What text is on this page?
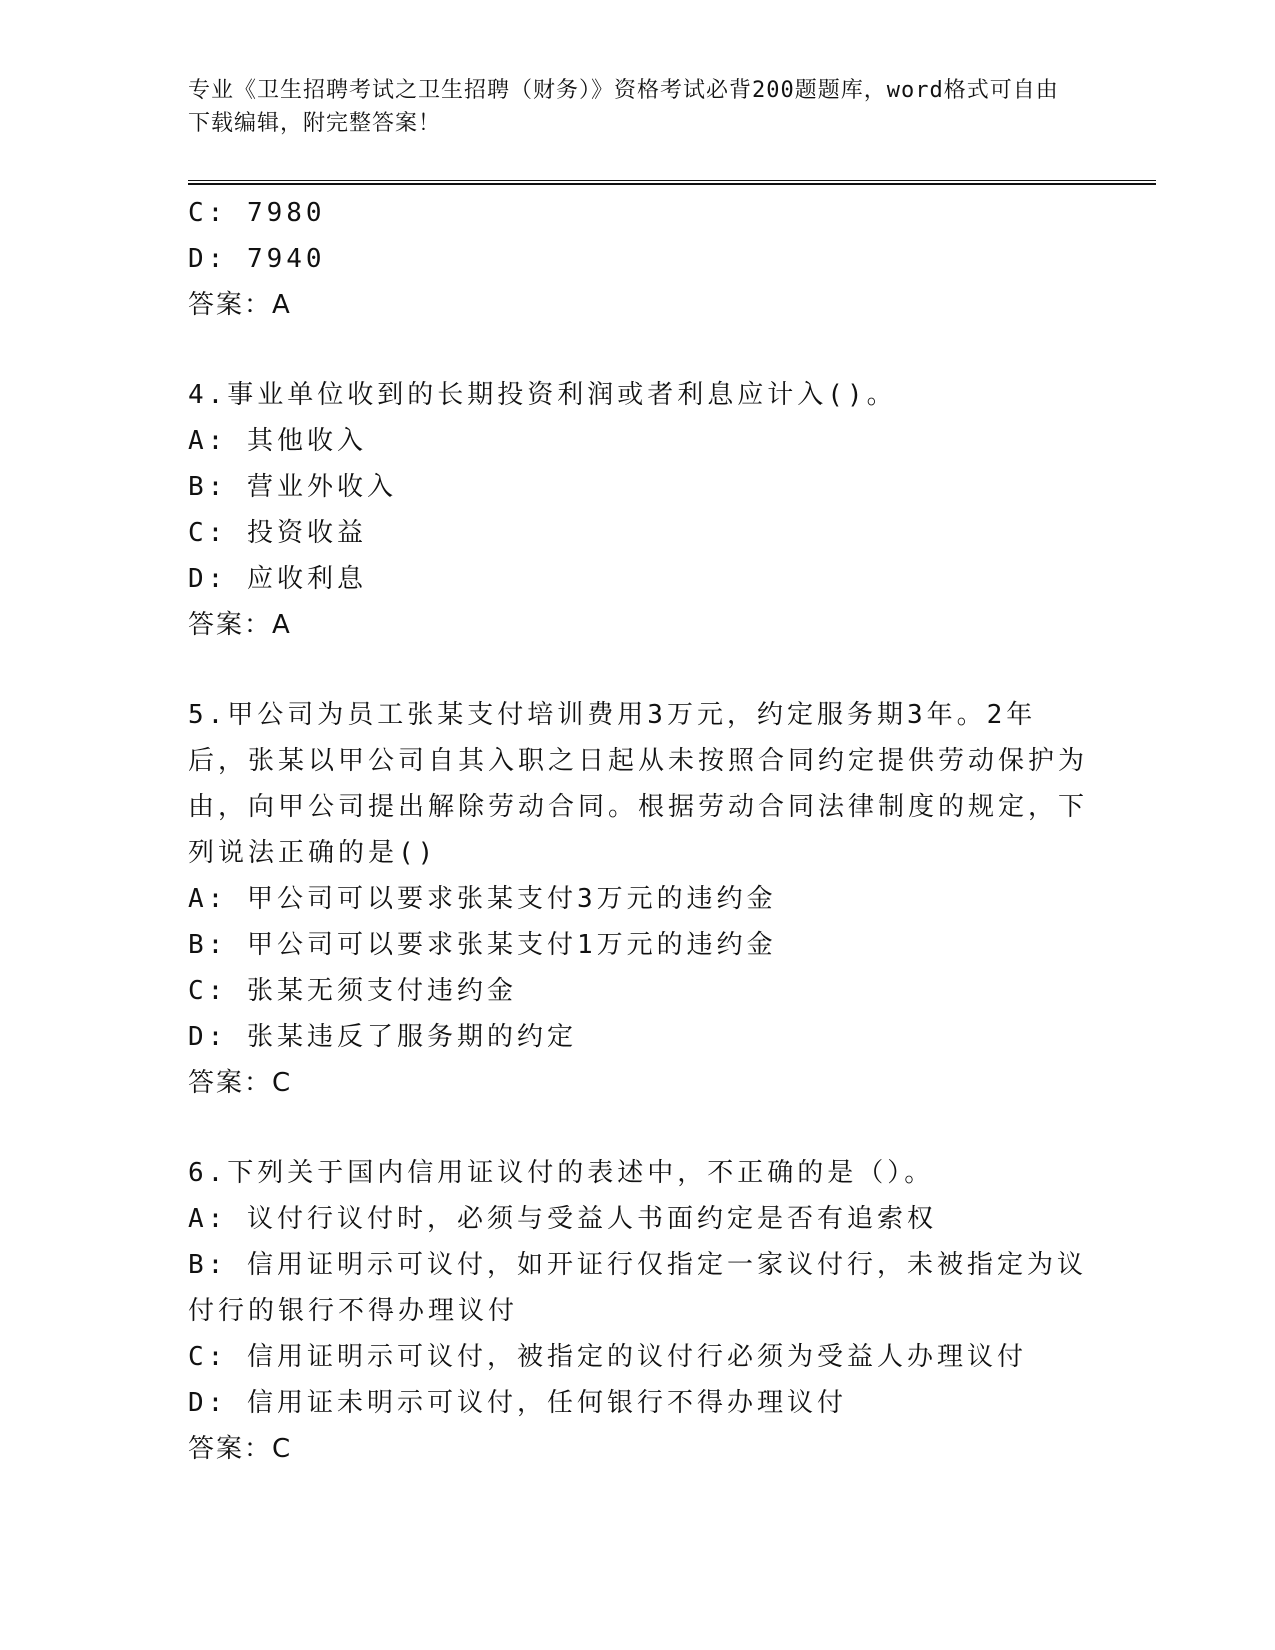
专业《卫生招聘考试之卫生招聘（财务）》资格考试必背200题题库，word格式可自由下载编辑，附完整答案！
C: 7980
D: 7940
答案：A
4.事业单位收到的长期投资利润或者利息应计入()。
A: 其他收入
B: 营业外收入
C: 投资收益
D: 应收利息
答案：A
5.甲公司为员工张某支付培训费用3万元，约定服务期3年。2年后，张某以甲公司自其入职之日起从未按照合同约定提供劳动保护为由，向甲公司提出解除劳动合同。根据劳动合同法律制度的规定，下列说法正确的是()
A: 甲公司可以要求张某支付3万元的违约金
B: 甲公司可以要求张某支付1万元的违约金
C: 张某无须支付违约金
D: 张某违反了服务期的约定
答案：C
6.下列关于国内信用证议付的表述中，不正确的是（）。
A: 议付行议付时，必须与受益人书面约定是否有追索权
B: 信用证明示可议付，如开证行仅指定一家议付行，未被指定为议付行的银行不得办理议付
C: 信用证明示可议付，被指定的议付行必须为受益人办理议付
D: 信用证未明示可议付，任何银行不得办理议付
答案：C
